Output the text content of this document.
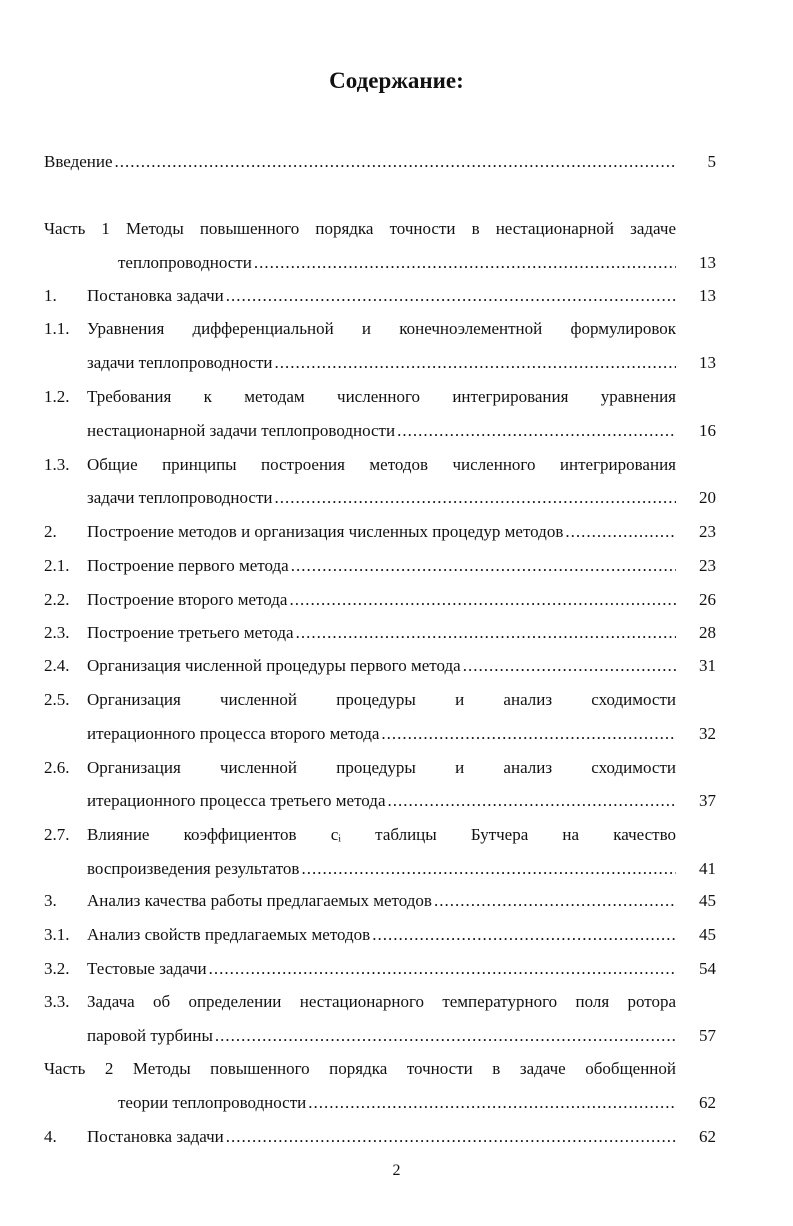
Содержание:
Введение .....	5
Часть 1 Методы повышенного порядка точности в нестационарной задаче
теплопроводности .....	13
1. Постановка задачи .....	13
1.1. Уравнения дифференциальной и конечноэлементной формулировок
задачи теплопроводности .....	13
1.2. Требования к методам численного интегрирования уравнения
нестационарной задачи теплопроводности .....	16
1.3. Общие принципы построения методов численного интегрирования
задачи теплопроводности .....	20
2. Построение методов и организация численных процедур методов .....	23
2.1. Построение первого метода .....	23
2.2. Построение второго метода .....	26
2.3. Построение третьего метода .....	28
2.4. Организация численной процедуры первого метода .....	31
2.5. Организация численной процедуры и анализ сходимости
итерационного процесса второго метода .....	32
2.6. Организация численной процедуры и анализ сходимости
итерационного процесса третьего метода .....	37
2.7. Влияние коэффициентов cᵢ таблицы Бутчера на качество
воспроизведения результатов .....	41
3. Анализ качества работы предлагаемых методов .....	45
3.1. Анализ свойств предлагаемых методов .....	45
3.2. Тестовые задачи .....	54
3.3. Задача об определении нестационарного температурного поля ротора
паровой турбины .....	57
Часть 2 Методы повышенного порядка точности в задаче обобщенной
теории теплопроводности .....	62
4. Постановка задачи .....	62
2
